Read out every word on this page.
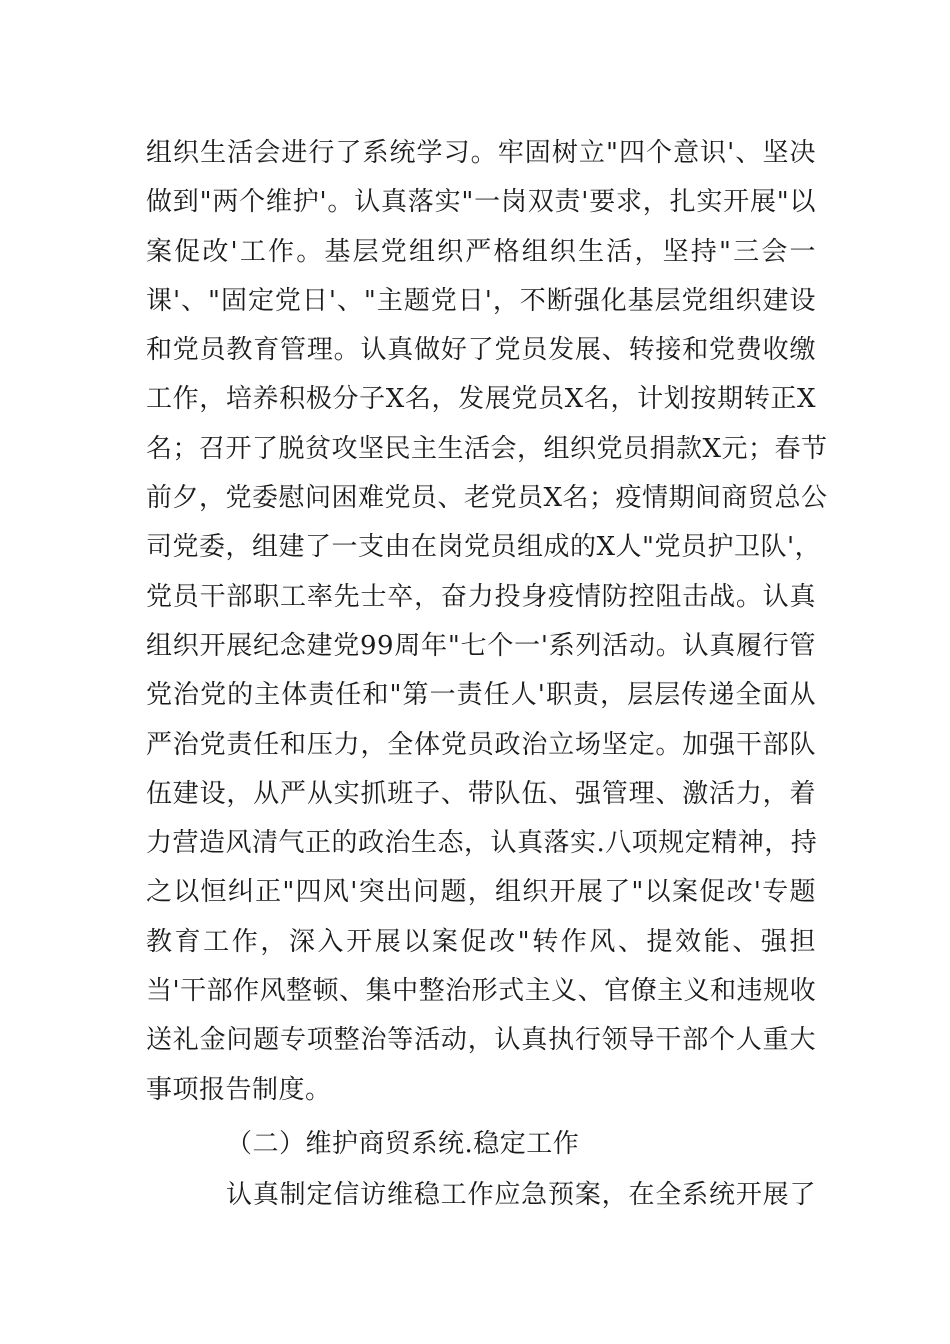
组织生活会进行了系统学习。牢固树立"四个意识'、坚决
做到"两个维护'。认真落实"一岗双责'要求，扎实开展"以
案促改'工作。基层党组织严格组织生活，坚持"三会一
课'、"固定党日'、"主题党日'，不断强化基层党组织建设
和党员教育管理。认真做好了党员发展、转接和党费收缴
工作，培养积极分子X名，发展党员X名，计划按期转正X
名；召开了脱贫攻坚民主生活会，组织党员捐款X元；春节
前夕，党委慰问困难党员、老党员X名；疫情期间商贸总公
司党委，组建了一支由在岗党员组成的X人"党员护卫队'，
党员干部职工率先士卒，奋力投身疫情防控阻击战。认真
组织开展纪念建党99周年"七个一'系列活动。认真履行管
党治党的主体责任和"第一责任人'职责，层层传递全面从
严治党责任和压力，全体党员政治立场坚定。加强干部队
伍建设，从严从实抓班子、带队伍、强管理、激活力，着
力营造风清气正的政治生态，认真落实.八项规定精神，持
之以恒纠正"四风'突出问题，组织开展了"以案促改'专题
教育工作，深入开展以案促改"转作风、提效能、强担
当'干部作风整顿、集中整治形式主义、官僚主义和违规收
送礼金问题专项整治等活动，认真执行领导干部个人重大
事项报告制度。
（二）维护商贸系统.稳定工作
认真制定信访维稳工作应急预案，在全系统开展了
